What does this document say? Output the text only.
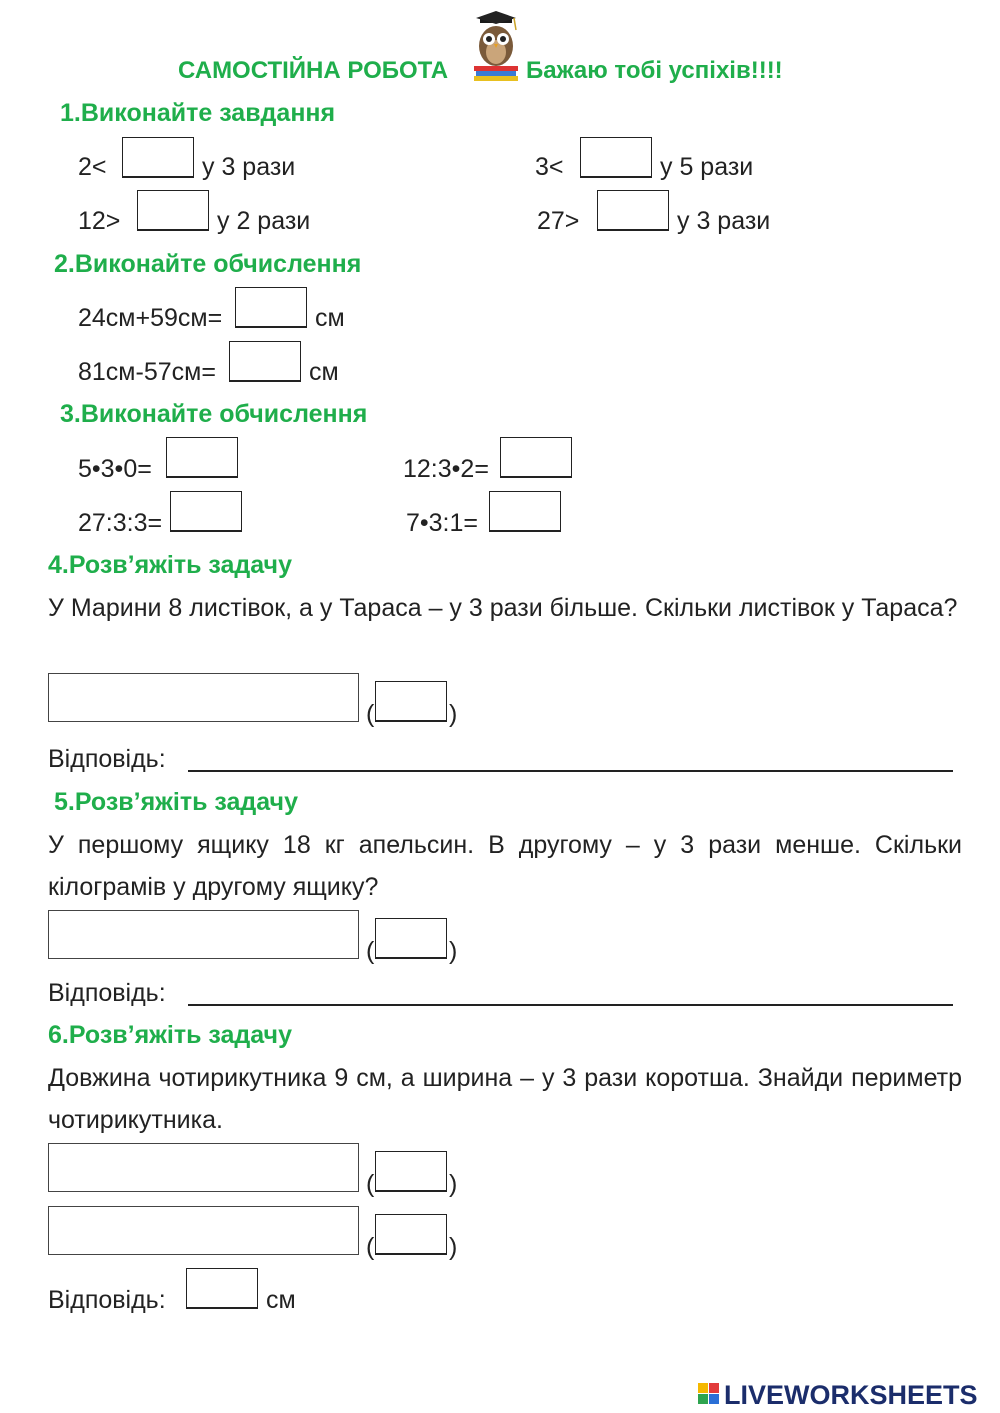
САМОСТІЙНА РОБОТА	Бажаю тобі успіхів!!!!
1.Виконайте завдання
2<	у 3 рази	3<	у 5 рази
12>	у 2 рази	27>	у 3 рази
2.Виконайте обчислення
24см+59см=	см
81см-57см=	см
3.Виконайте обчислення
5•3•0=	12:3•2=
27:3:3=	7•3:1=
4.Розв’яжіть задачу
У Марини 8 листівок, а у Тараса – у 3 рази більше. Скільки листівок у Тараса?
(	)
Відповідь:
5.Розв’яжіть задачу
У першому ящику 18 кг апельсин. В другому – у 3 рази менше. Скільки кілограмів у другому ящику?
(	)
Відповідь:
6.Розв’яжіть задачу
Довжина чотирикутника 9 см, а ширина – у 3 рази коротша. Знайди периметр чотирикутника.
(	)
(	)
Відповідь:	см
LIVEWORKSHEETS
